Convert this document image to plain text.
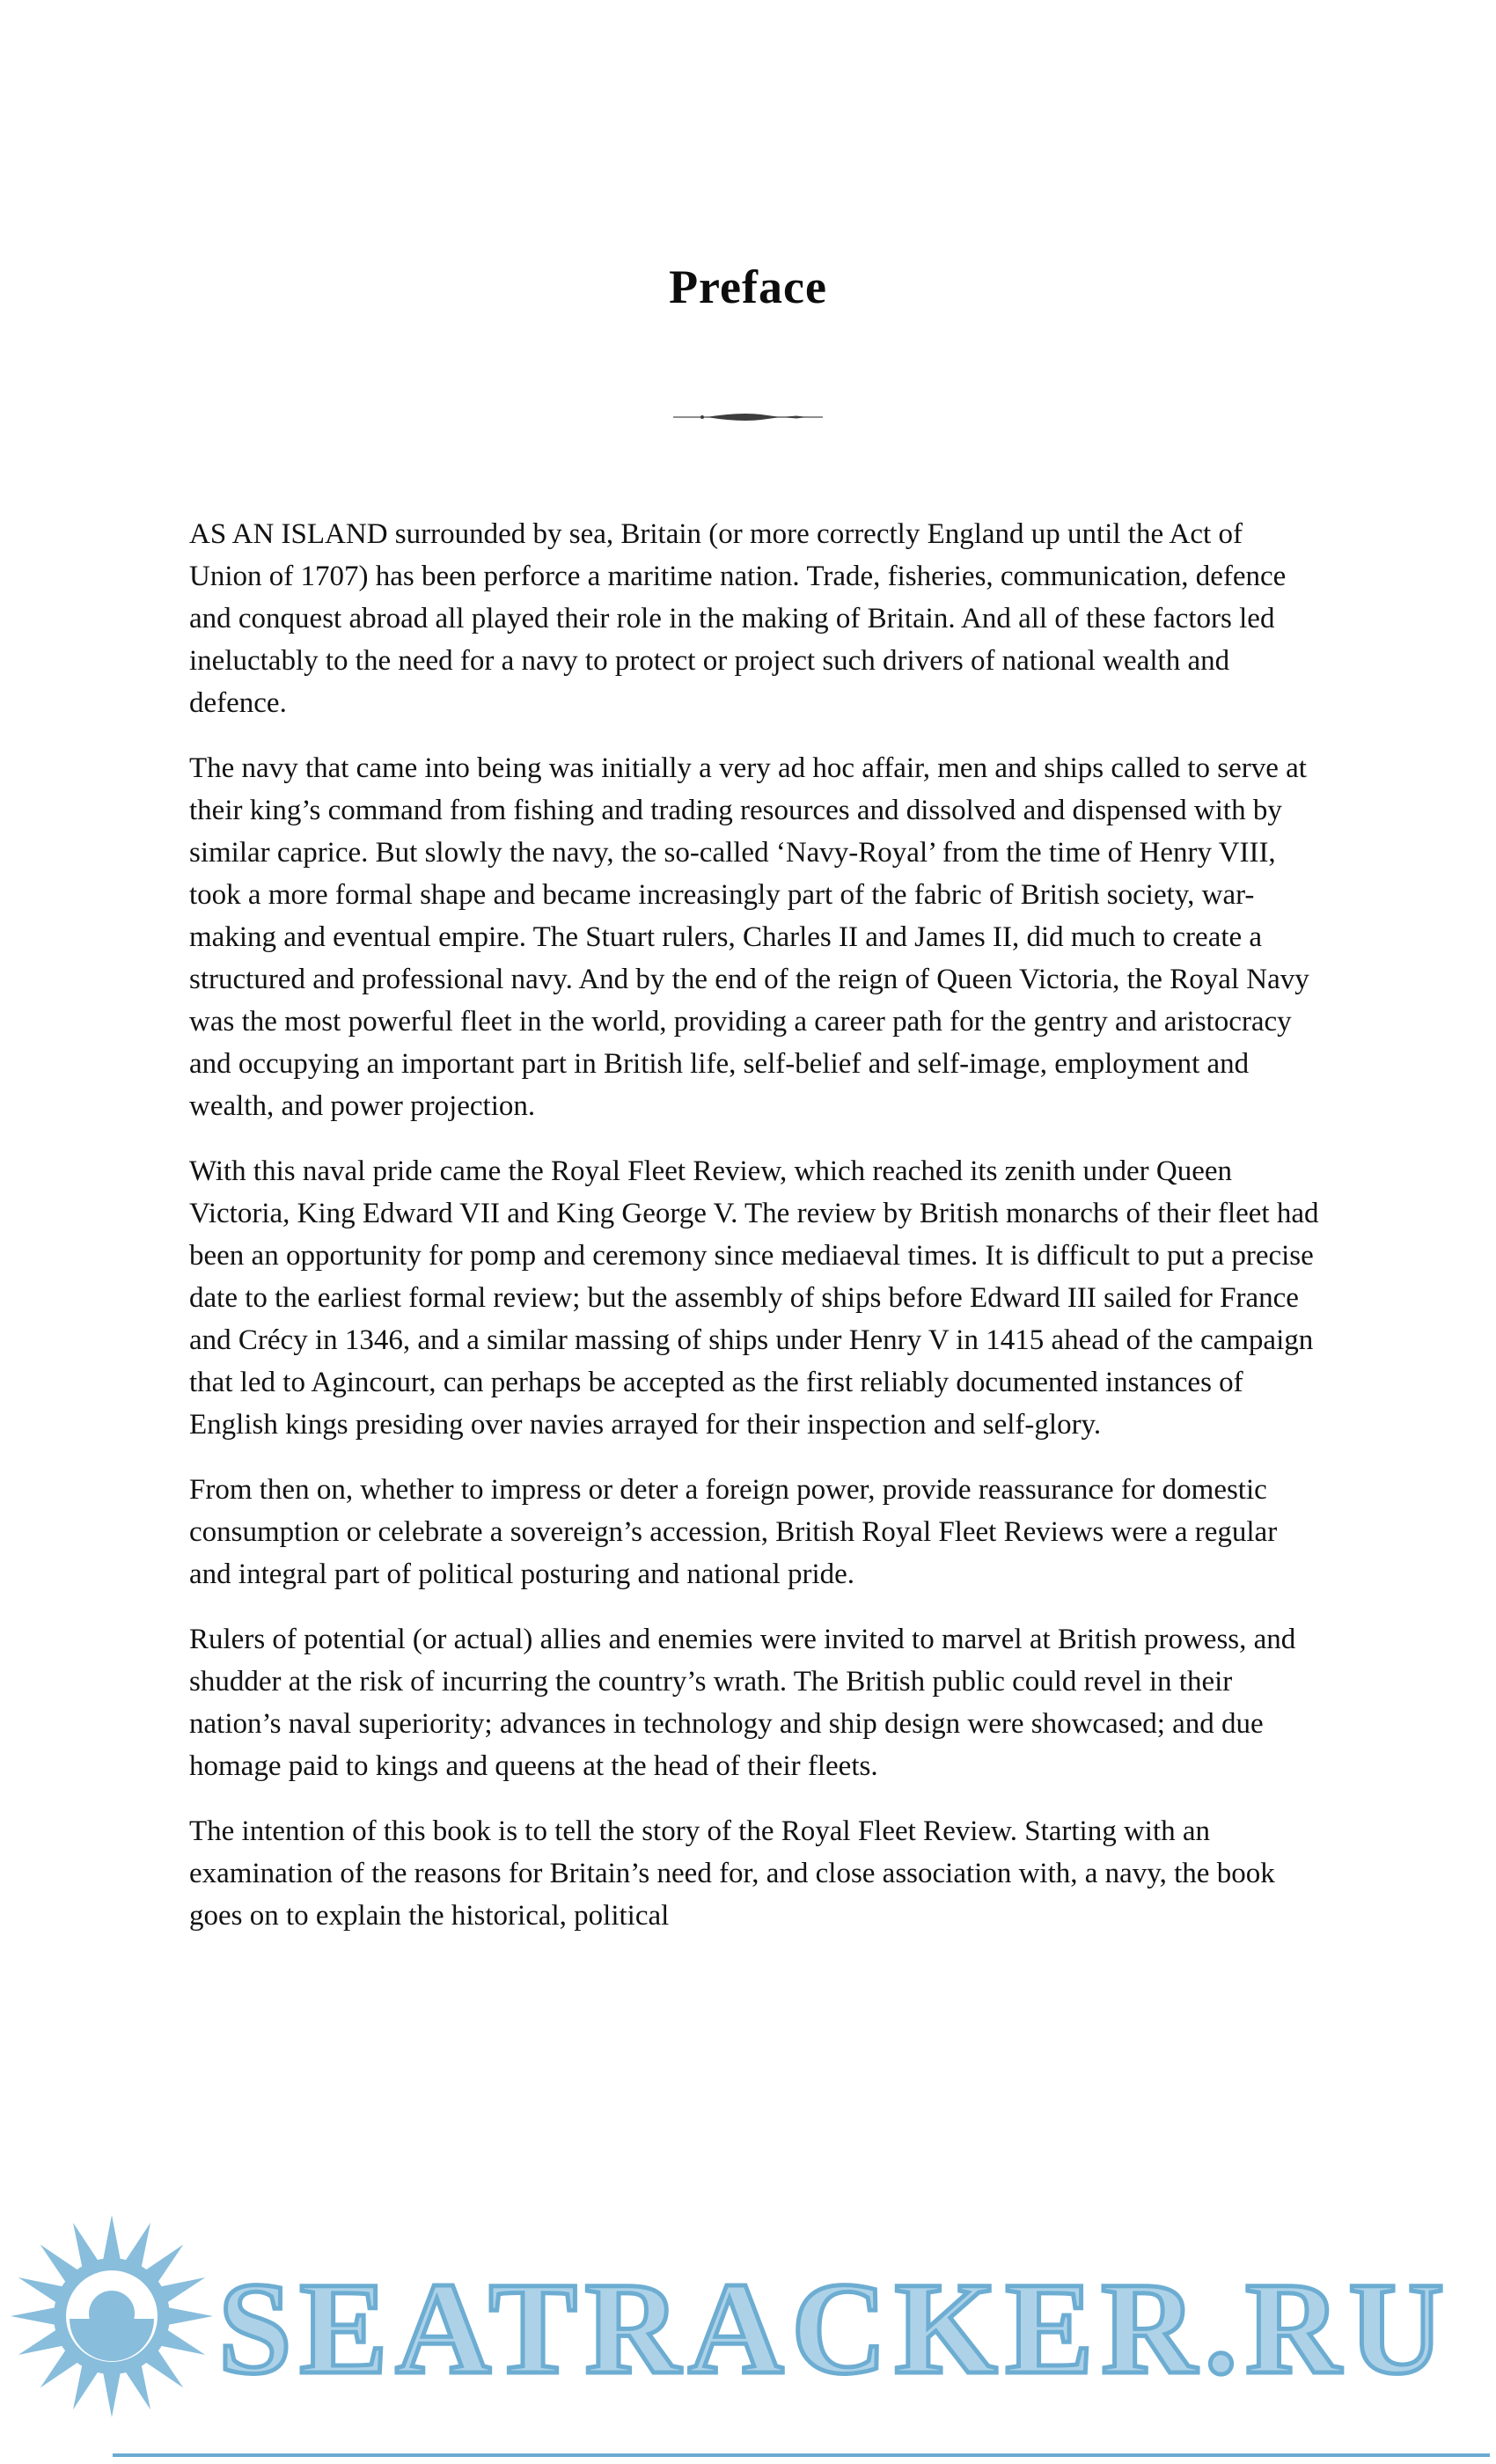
Preface

AS AN ISLAND surrounded by sea, Britain (or more correctly England up until the Act of Union of 1707) has been perforce a maritime nation. Trade, fisheries, communication, defence and conquest abroad all played their role in the making of Britain. And all of these factors led ineluctably to the need for a navy to protect or project such drivers of national wealth and defence.

The navy that came into being was initially a very ad hoc affair, men and ships called to serve at their king’s command from fishing and trading resources and dissolved and dispensed with by similar caprice. But slowly the navy, the so-called ‘Navy-Royal’ from the time of Henry VIII, took a more formal shape and became increasingly part of the fabric of British society, war-making and eventual empire. The Stuart rulers, Charles II and James II, did much to create a structured and professional navy. And by the end of the reign of Queen Victoria, the Royal Navy was the most powerful fleet in the world, providing a career path for the gentry and aristocracy and occupying an important part in British life, self-belief and self-image, employment and wealth, and power projection.

With this naval pride came the Royal Fleet Review, which reached its zenith under Queen Victoria, King Edward VII and King George V. The review by British monarchs of their fleet had been an opportunity for pomp and ceremony since mediaeval times. It is difficult to put a precise date to the earliest formal review; but the assembly of ships before Edward III sailed for France and Crécy in 1346, and a similar massing of ships under Henry V in 1415 ahead of the campaign that led to Agincourt, can perhaps be accepted as the first reliably documented instances of English kings presiding over navies arrayed for their inspection and self-glory.

From then on, whether to impress or deter a foreign power, provide reassurance for domestic consumption or celebrate a sovereign’s accession, British Royal Fleet Reviews were a regular and integral part of political posturing and national pride.

Rulers of potential (or actual) allies and enemies were invited to marvel at British prowess, and shudder at the risk of incurring the country’s wrath. The British public could revel in their nation’s naval superiority; advances in technology and ship design were showcased; and due homage paid to kings and queens at the head of their fleets.

The intention of this book is to tell the story of the Royal Fleet Review. Starting with an examination of the reasons for Britain’s need for, and close association with, a navy, the book goes on to explain the historical, political

SEATRACKER.RU
